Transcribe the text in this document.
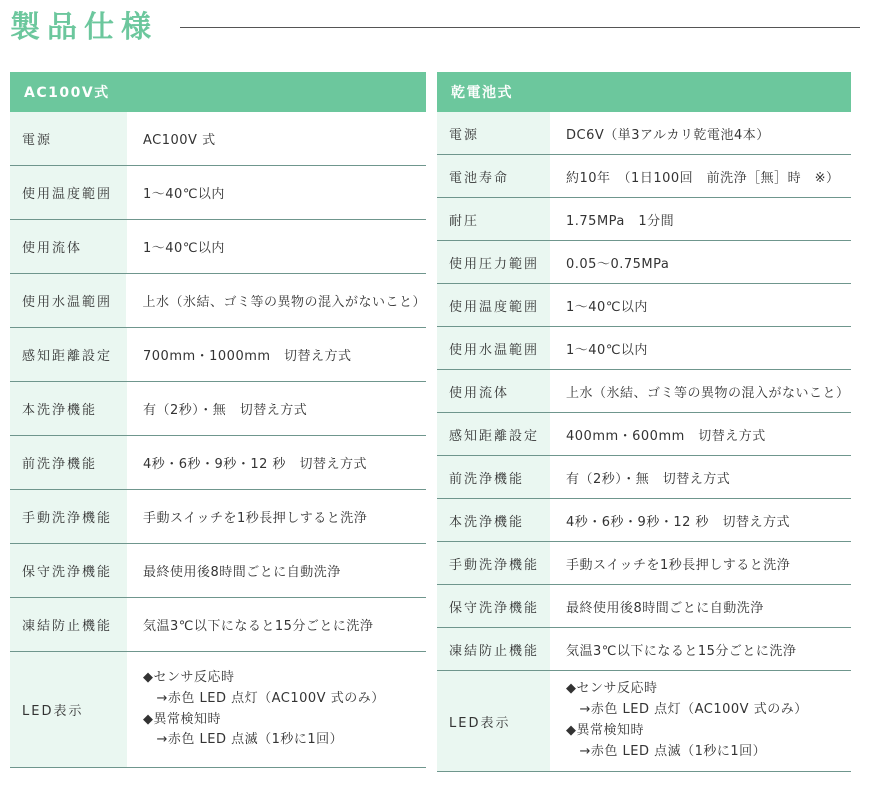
製品仕様
AC100V式
電源	AC100V 式
使用温度範囲	1〜40℃以内
使用流体	1〜40℃以内
使用水温範囲	上水（氷結、ゴミ等の異物の混入がないこと）
感知距離設定	700mm・1000mm　切替え方式
本洗浄機能	有（2秒）・無　切替え方式
前洗浄機能	4秒・6秒・9秒・12 秒　切替え方式
手動洗浄機能	手動スイッチを1秒長押しすると洗浄
保守洗浄機能	最終使用後8時間ごとに自動洗浄
凍結防止機能	気温3℃以下になると15分ごとに洗浄
LED表示
◆センサ反応時
　→赤色 LED 点灯（AC100V 式のみ）
◆異常検知時
　→赤色 LED 点滅（1秒に1回）
乾電池式
電源	DC6V（単3アルカリ乾電池4本）
電池寿命	約10年　（1日100回　前洗浄［無］時　※）
耐圧	1.75MPa　1分間
使用圧力範囲	0.05〜0.75MPa
使用温度範囲	1〜40℃以内
使用水温範囲	1〜40℃以内
使用流体	上水（氷結、ゴミ等の異物の混入がないこと）
感知距離設定	400mm・600mm　切替え方式
前洗浄機能	有（2秒）・無　切替え方式
本洗浄機能	4秒・6秒・9秒・12 秒　切替え方式
手動洗浄機能	手動スイッチを1秒長押しすると洗浄
保守洗浄機能	最終使用後8時間ごとに自動洗浄
凍結防止機能	気温3℃以下になると15分ごとに洗浄
LED表示
◆センサ反応時
　→赤色 LED 点灯（AC100V 式のみ）
◆異常検知時
　→赤色 LED 点滅（1秒に1回）
